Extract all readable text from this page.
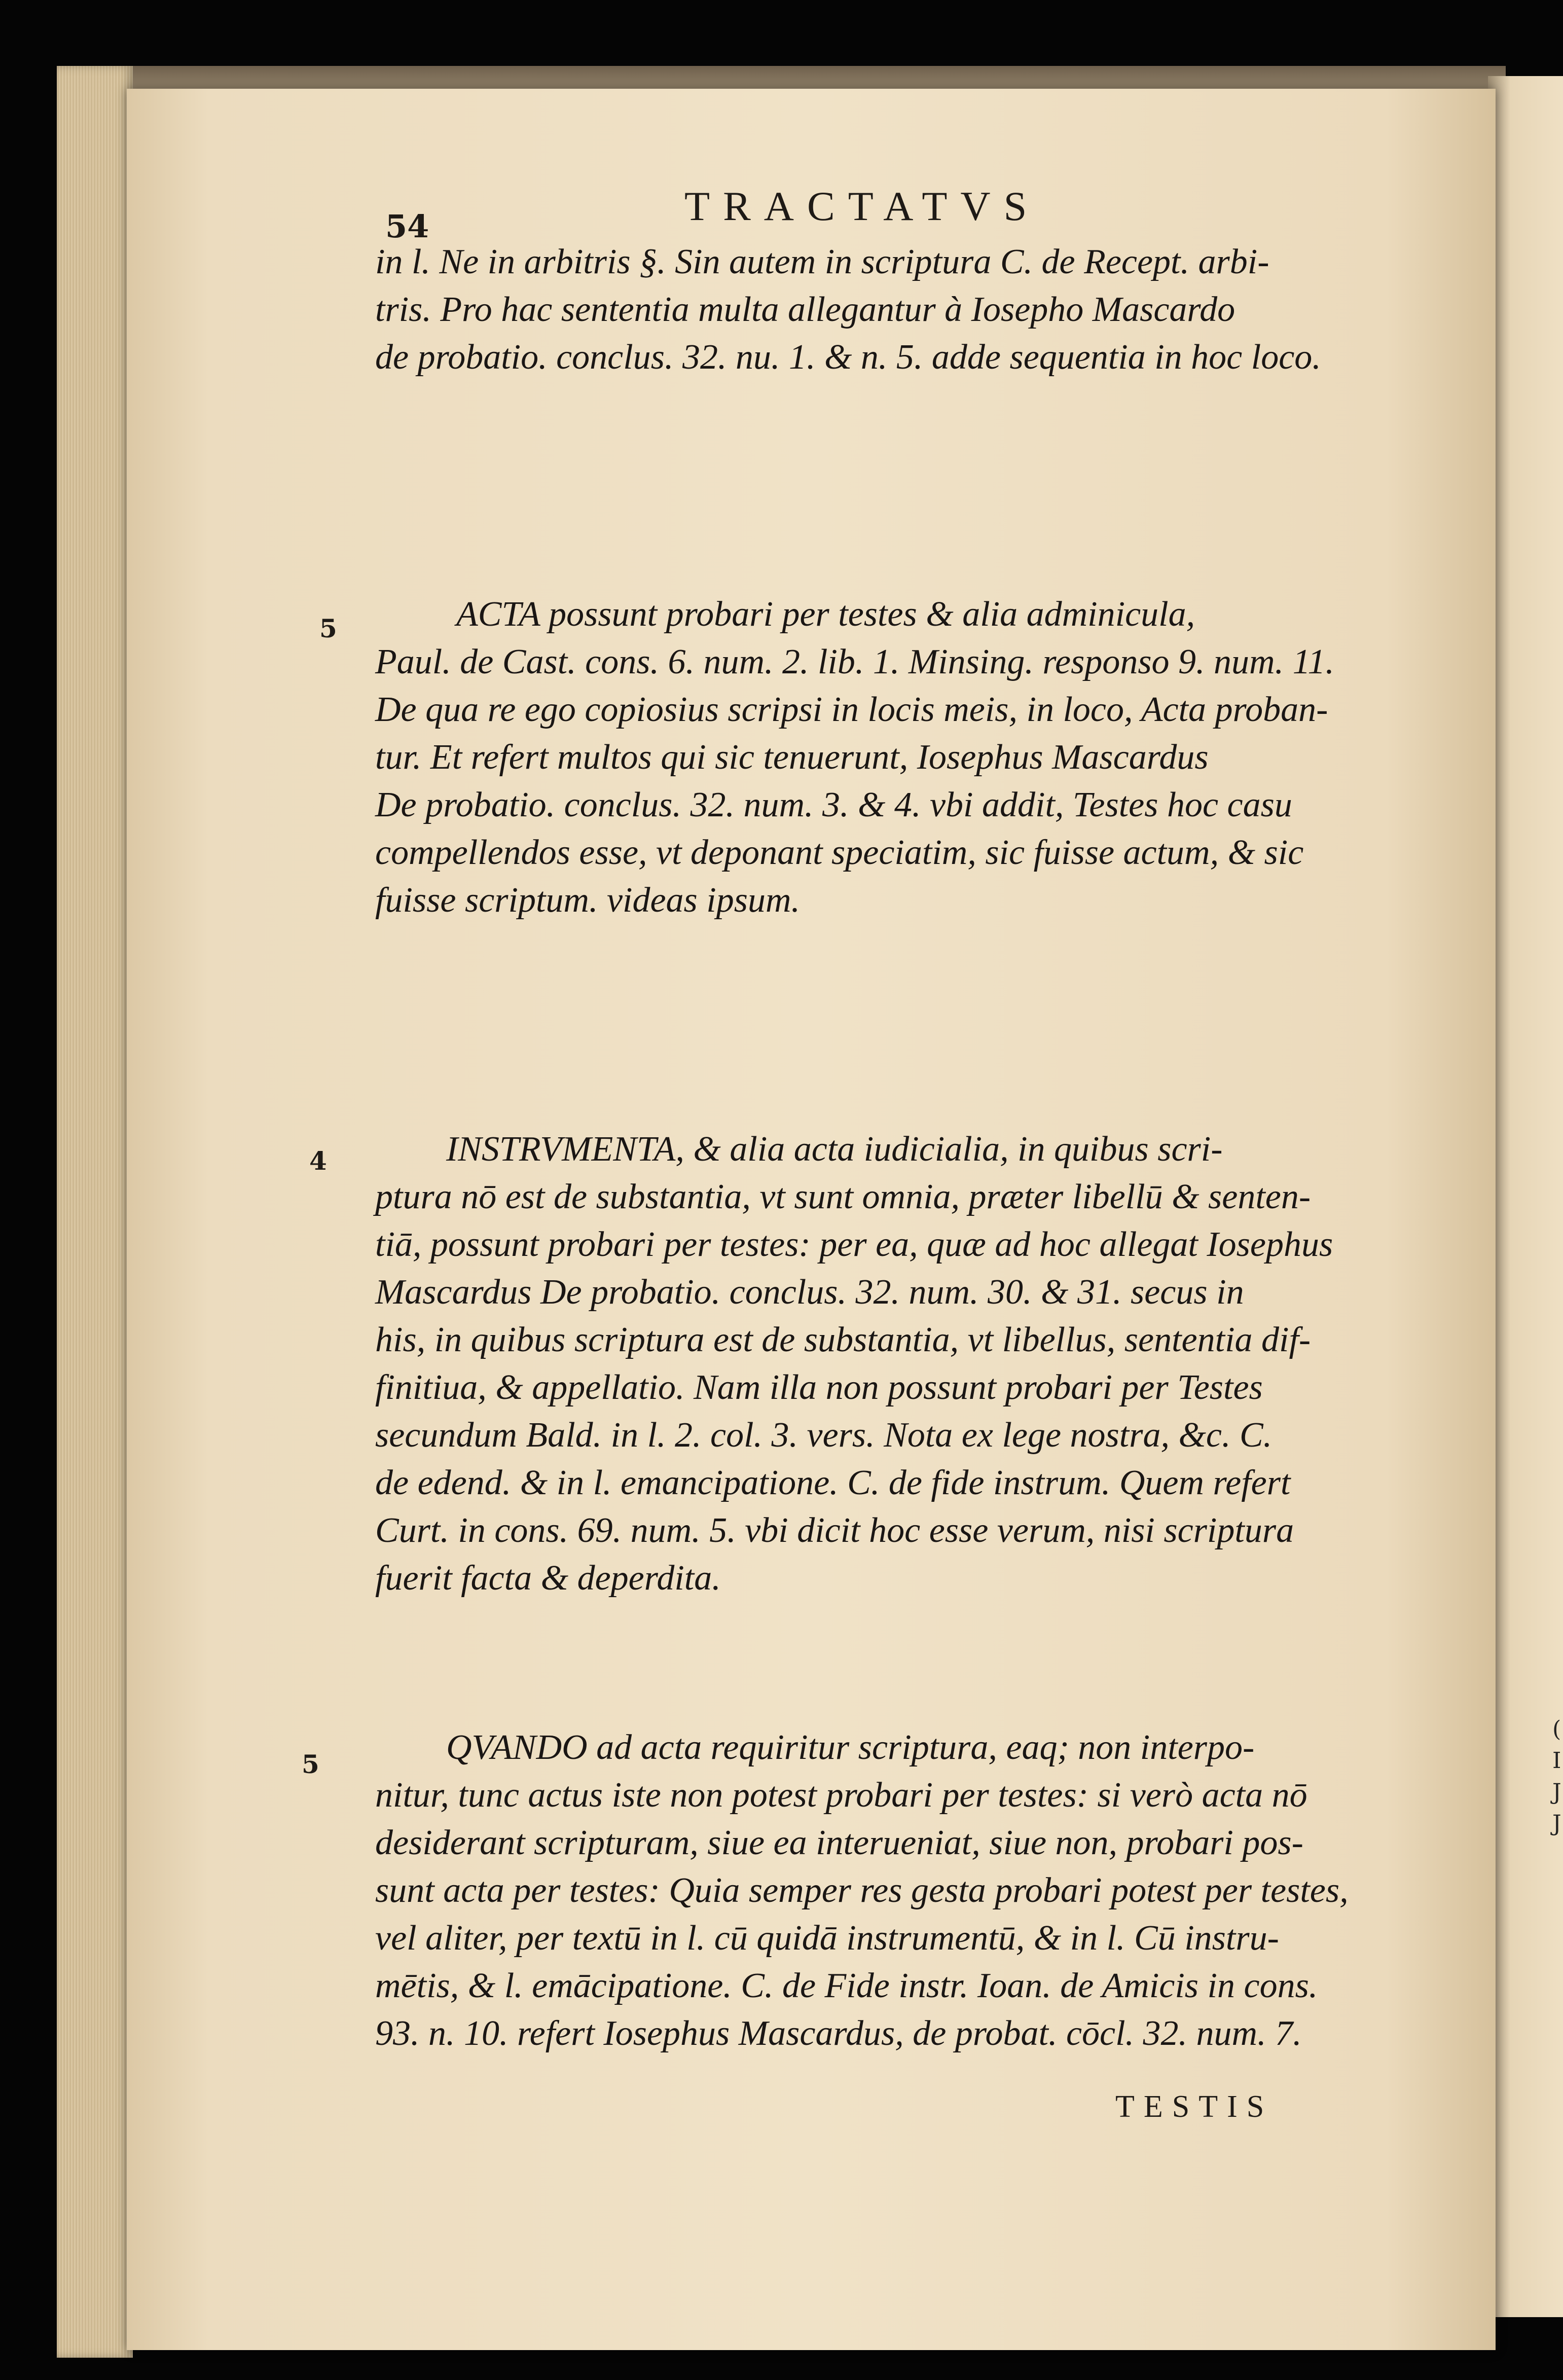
(
I
J
J
54	TRACTATVS
in l. Ne in arbitris §. Sin autem in scriptura C. de Recept. arbi-
tris. Pro hac sententia multa allegantur à Iosepho Mascardo
de probatio. conclus. 32. nu. 1. & n. 5. adde sequentia in hoc loco.
5	ACTA possunt probari per testes & alia adminicula,
Paul. de Cast. cons. 6. num. 2. lib. 1. Minsing. responso 9. num. 11.
De qua re ego copiosius scripsi in locis meis, in loco, Acta proban-
tur. Et refert multos qui sic tenuerunt, Iosephus Mascardus
De probatio. conclus. 32. num. 3. & 4. vbi addit, Testes hoc casu
compellendos esse, vt deponant speciatim, sic fuisse actum, & sic
fuisse scriptum. videas ipsum.
4	INSTRVMENTA, & alia acta iudicialia, in quibus scri-
ptura nō est de substantia, vt sunt omnia, præter libellū & senten-
tiā, possunt probari per testes: per ea, quæ ad hoc allegat Iosephus
Mascardus De probatio. conclus. 32. num. 30. & 31. secus in
his, in quibus scriptura est de substantia, vt libellus, sententia dif-
finitiua, & appellatio. Nam illa non possunt probari per Testes
secundum Bald. in l. 2. col. 3. vers. Nota ex lege nostra, &c. C.
de edend. & in l. emancipatione. C. de fide instrum. Quem refert
Curt. in cons. 69. num. 5. vbi dicit hoc esse verum, nisi scriptura
fuerit facta & deperdita.
5	QVANDO ad acta requiritur scriptura, eaq; non interpo-
nitur, tunc actus iste non potest probari per testes: si verò acta nō
desiderant scripturam, siue ea interueniat, siue non, probari pos-
sunt acta per testes: Quia semper res gesta probari potest per testes,
vel aliter, per textū in l. cū quidā instrumentū, & in l. Cū instru-
mētis, & l. emācipatione. C. de Fide instr. Ioan. de Amicis in cons.
93. n. 10. refert Iosephus Mascardus, de probat. cōcl. 32. num. 7.
TESTIS
